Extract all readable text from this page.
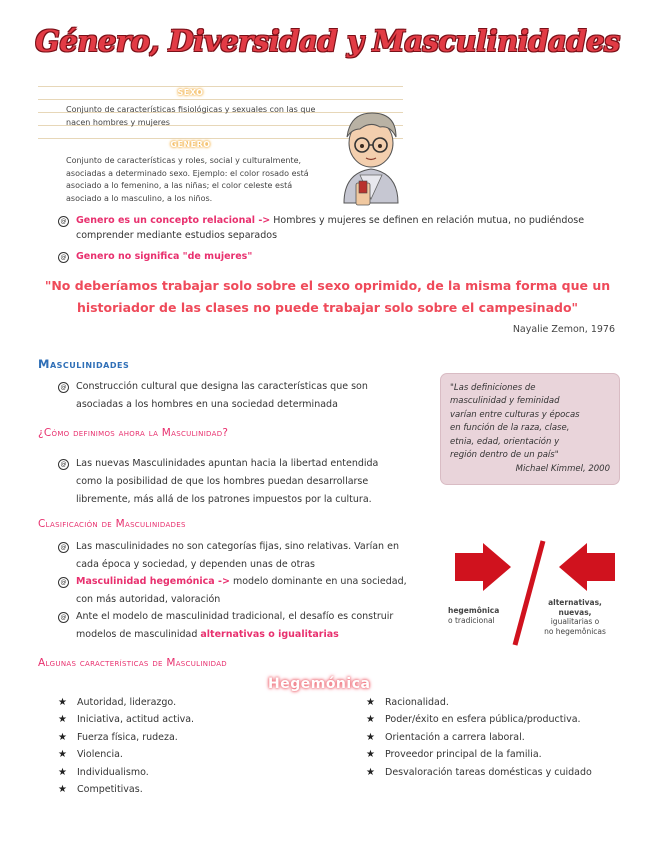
Género, Diversidad y Masculinidades
SEXO
Conjunto de características fisiológicas y sexuales con las que
nacen hombres y mujeres
GENERO
Conjunto de características y roles, social y culturalmente,
asociadas a determinado sexo. Ejemplo: el color rosado está
asociado a lo femenino, a las niñas; el color celeste está
asociado a lo masculino, a los niños.
@ Genero es un concepto relacional -> Hombres y mujeres se definen en relación mutua, no pudiéndose
comprender mediante estudios separados
@ Genero no significa "de mujeres"
"No deberíamos trabajar solo sobre el sexo oprimido, de la misma forma que un
historiador de las clases no puede trabajar solo sobre el campesinado"
Nayalie Zemon, 1976
Masculinidades
@ Construcción cultural que designa las características que son
asociadas a los hombres en una sociedad determinada
"Las definiciones de
masculinidad y feminidad
varían entre culturas y épocas
en función de la raza, clase,
etnia, edad, orientación y
región dentro de un país"
Michael Kimmel, 2000
¿Cómo definimos ahora la Masculinidad?
@ Las nuevas Masculinidades apuntan hacia la libertad entendida
como la posibilidad de que los hombres puedan desarrollarse
libremente, más allá de los patrones impuestos por la cultura.
Clasificación de Masculinidades
@ Las masculinidades no son categorías fijas, sino relativas. Varían en
cada época y sociedad, y dependen unas de otras
@ Masculinidad hegemónica -> modelo dominante en una sociedad,
con más autoridad, valoración
@ Ante el modelo de masculinidad tradicional, el desafío es construir
modelos de masculinidad alternativas o igualitarias
hegemônica
o tradicional
alternativas,
nuevas,
igualitarias o
no hegemônicas
Algunas características de Masculinidad
Hegemónica
★ Autoridad, liderazgo.
★ Iniciativa, actitud activa.
★ Fuerza física, rudeza.
★ Violencia.
★ Individualismo.
★ Competitivas.
★ Racionalidad.
★ Poder/éxito en esfera pública/productiva.
★ Orientación a carrera laboral.
★ Proveedor principal de la familia.
★ Desvaloración tareas domésticas y cuidado
